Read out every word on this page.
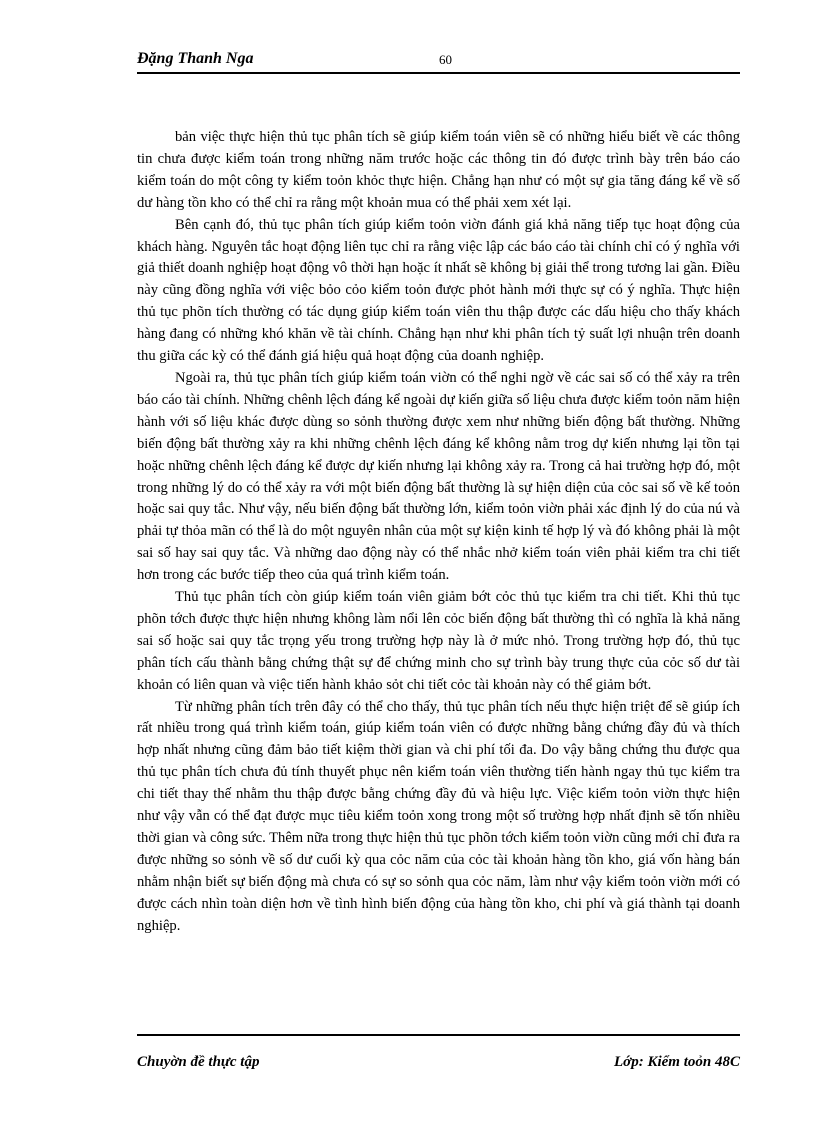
Đặng Thanh Nga	60

bản việc thực hiện thủ tục phân tích sẽ giúp kiểm toán viên sẽ có những hiểu biết về các thông tin chưa được kiểm toán trong những năm trước hoặc các thông tin đó được trình bày trên báo cáo kiểm toán do một công ty kiểm toỏn khỏc thực hiện. Chẳng hạn như có một sự gia tăng đáng kể về số dư hàng tồn kho có thể chỉ ra rằng một khoản mua có thể phải xem xét lại.

Bên cạnh đó, thủ tục phân tích giúp kiểm toỏn viờn đánh giá khả năng tiếp tục hoạt động của khách hàng. Nguyên tắc hoạt động liên tục chỉ ra rằng việc lập các báo cáo tài chính chỉ có ý nghĩa với giả thiết doanh nghiệp hoạt động vô thời hạn hoặc ít nhất sẽ không bị giải thể trong tương lai gần. Điều này cũng đồng nghĩa với việc bỏo cỏo kiểm toỏn được phỏt hành mới thực sự có ý nghĩa. Thực hiện thủ tục phõn tích thường có tác dụng giúp kiểm toán viên thu thập được các dấu hiệu cho thấy khách hàng đang có những khó khăn về tài chính. Chẳng hạn như khi phân tích tỷ suất lợi nhuận trên doanh thu giữa các kỳ có thể đánh giá hiệu quả hoạt động của doanh nghiệp.

Ngoài ra, thủ tục phân tích giúp kiểm toán viờn có thể nghi ngờ về các sai số có thể xảy ra trên báo cáo tài chính. Những chênh lệch đáng kể ngoài dự kiến giữa số liệu chưa được kiểm toỏn năm hiện hành với số liệu khác được dùng so sỏnh thường được xem như những biến động bất thường. Những biến động bất thường xảy ra khi những chênh lệch đáng kể không nằm trog dự kiến nhưng lại tồn tại hoặc những chênh lệch đáng kể được dự kiến nhưng lại không xảy ra. Trong cả hai trường hợp đó, một trong những lý do có thể xảy ra với một biến động bất thường là sự hiện diện của cỏc sai số về kế toỏn hoặc sai quy tắc. Như vậy, nếu biến động bất thường lớn, kiểm toỏn viờn phải xác định lý do của nú và phải tự thỏa mãn có thể là do một nguyên nhân của một sự kiện kinh tế hợp lý và đó không phải là một sai số hay sai quy tắc. Và những dao động này có thể nhắc nhở kiểm toán viên phải kiểm tra chi tiết hơn trong các bước tiếp theo của quá trình kiểm toán.

Thủ tục phân tích còn giúp kiểm toán viên giảm bớt cỏc thủ tục kiểm tra chi tiết. Khi thủ tục phõn tớch được thực hiện nhưng không làm nổi lên cỏc biến động bất thường thì có nghĩa là khả năng sai số hoặc sai quy tắc trọng yếu trong trường hợp này là ở mức nhỏ. Trong trường hợp đó, thủ tục phân tích cấu thành bằng chứng thật sự để chứng minh cho sự trình bày trung thực của cỏc số dư tài khoản có liên quan và việc tiến hành khảo sỏt chi tiết cỏc tài khoản này có thể giảm bớt.

Từ những phân tích trên đây có thể cho thấy, thủ tục phân tích nếu thực hiện triệt để sẽ giúp ích rất nhiều trong quá trình kiểm toán, giúp kiểm toán viên có được những bằng chứng đầy đủ và thích hợp nhất nhưng cũng đảm bảo tiết kiệm thời gian và chi phí tối đa. Do vậy bằng chứng thu được qua thủ tục phân tích chưa đủ tính thuyết phục nên kiểm toán viên thường tiến hành ngay thủ tục kiểm tra chi tiết thay thế nhằm thu thập được bằng chứng đầy đủ và hiệu lực. Việc kiểm toỏn viờn thực hiện như vậy vẫn có thể đạt được mục tiêu kiểm toỏn xong trong một số trường hợp nhất định sẽ tốn nhiều thời gian và công sức. Thêm nữa trong thực hiện thủ tục phõn tớch kiểm toỏn viờn cũng mới chỉ đưa ra được những so sỏnh về số dư cuối kỳ qua cỏc năm của cỏc tài khoản hàng tồn kho, giá vốn hàng bán nhằm nhận biết sự biến động mà chưa có sự so sỏnh qua cỏc năm, làm như vậy kiểm toỏn viờn mới có được cách nhìn toàn diện hơn về tình hình biến động của hàng tồn kho, chi phí và giá thành tại doanh nghiệp.

Chuyờn đề thực tập	Lớp: Kiểm toỏn 48C
